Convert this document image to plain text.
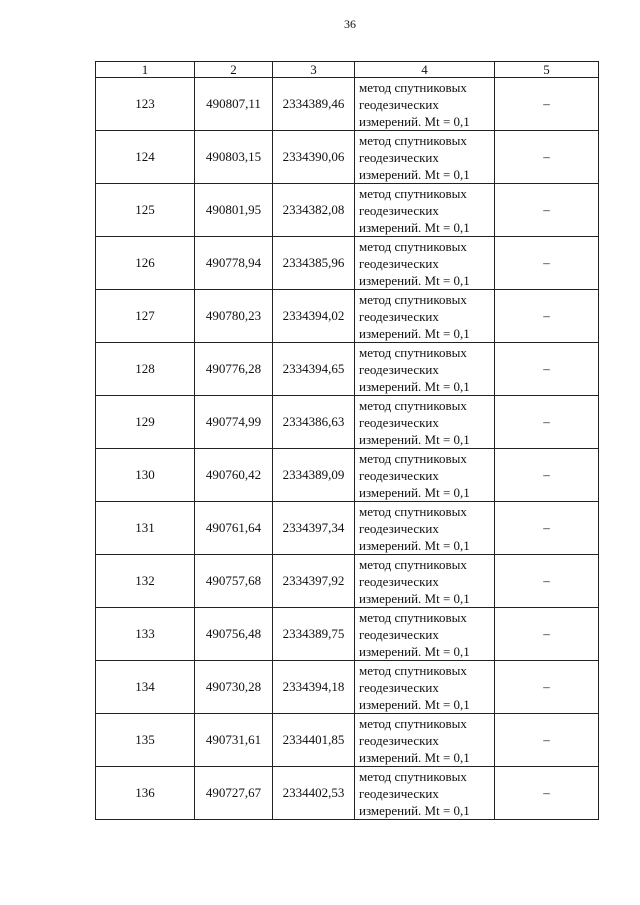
36
1	2	3	4	5
123	490807,11	2334389,46	метод спутниковых
геодезических
измерений. Mt = 0,1	–
124	490803,15	2334390,06	метод спутниковых
геодезических
измерений. Mt = 0,1	–
125	490801,95	2334382,08	метод спутниковых
геодезических
измерений. Mt = 0,1	–
126	490778,94	2334385,96	метод спутниковых
геодезических
измерений. Mt = 0,1	–
127	490780,23	2334394,02	метод спутниковых
геодезических
измерений. Mt = 0,1	–
128	490776,28	2334394,65	метод спутниковых
геодезических
измерений. Mt = 0,1	–
129	490774,99	2334386,63	метод спутниковых
геодезических
измерений. Mt = 0,1	–
130	490760,42	2334389,09	метод спутниковых
геодезических
измерений. Mt = 0,1	–
131	490761,64	2334397,34	метод спутниковых
геодезических
измерений. Mt = 0,1	–
132	490757,68	2334397,92	метод спутниковых
геодезических
измерений. Mt = 0,1	–
133	490756,48	2334389,75	метод спутниковых
геодезических
измерений. Mt = 0,1	–
134	490730,28	2334394,18	метод спутниковых
геодезических
измерений. Mt = 0,1	–
135	490731,61	2334401,85	метод спутниковых
геодезических
измерений. Mt = 0,1	–
136	490727,67	2334402,53	метод спутниковых
геодезических
измерений. Mt = 0,1	–
